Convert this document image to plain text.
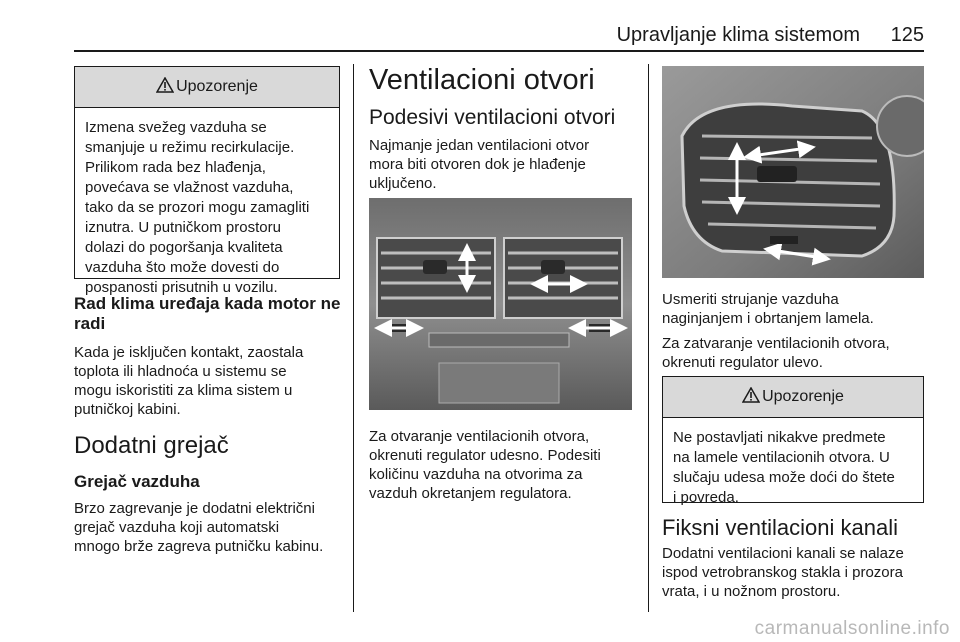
Upravljanje klima sistemom 125
Upozorenje
Izmena svežeg vazduha se
smanjuje u režimu recirkulacije.
Prilikom rada bez hlađenja,
povećava se vlažnost vazduha,
tako da se prozori mogu zamagliti
iznutra. U putničkom prostoru
dolazi do pogoršanja kvaliteta
vazduha što može dovesti do
pospanosti prisutnih u vozilu.
Rad klima uređaja kada motor ne
radi
Kada je isključen kontakt, zaostala
toplota ili hladnoća u sistemu se
mogu iskoristiti za klima sistem u
putničkoj kabini.
Dodatni grejač
Grejač vazduha
Brzo zagrevanje je dodatni električni
grejač vazduha koji automatski
mnogo brže zagreva putničku kabinu.
Ventilacioni otvori
Podesivi ventilacioni otvori
Najmanje jedan ventilacioni otvor
mora biti otvoren dok je hlađenje
uključeno.
Za otvaranje ventilacionih otvora,
okrenuti regulator udesno. Podesiti
količinu vazduha na otvorima za
vazduh okretanjem regulatora.
Usmeriti strujanje vazduha
naginjanjem i obrtanjem lamela.
Za zatvaranje ventilacionih otvora,
okrenuti regulator ulevo.
Upozorenje
Ne postavljati nikakve predmete
na lamele ventilacionih otvora. U
slučaju udesa može doći do štete
i povreda.
Fiksni ventilacioni kanali
Dodatni ventilacioni kanali se nalaze
ispod vetrobranskog stakla i prozora
vrata, i u nožnom prostoru.
carmanualsonline.info
